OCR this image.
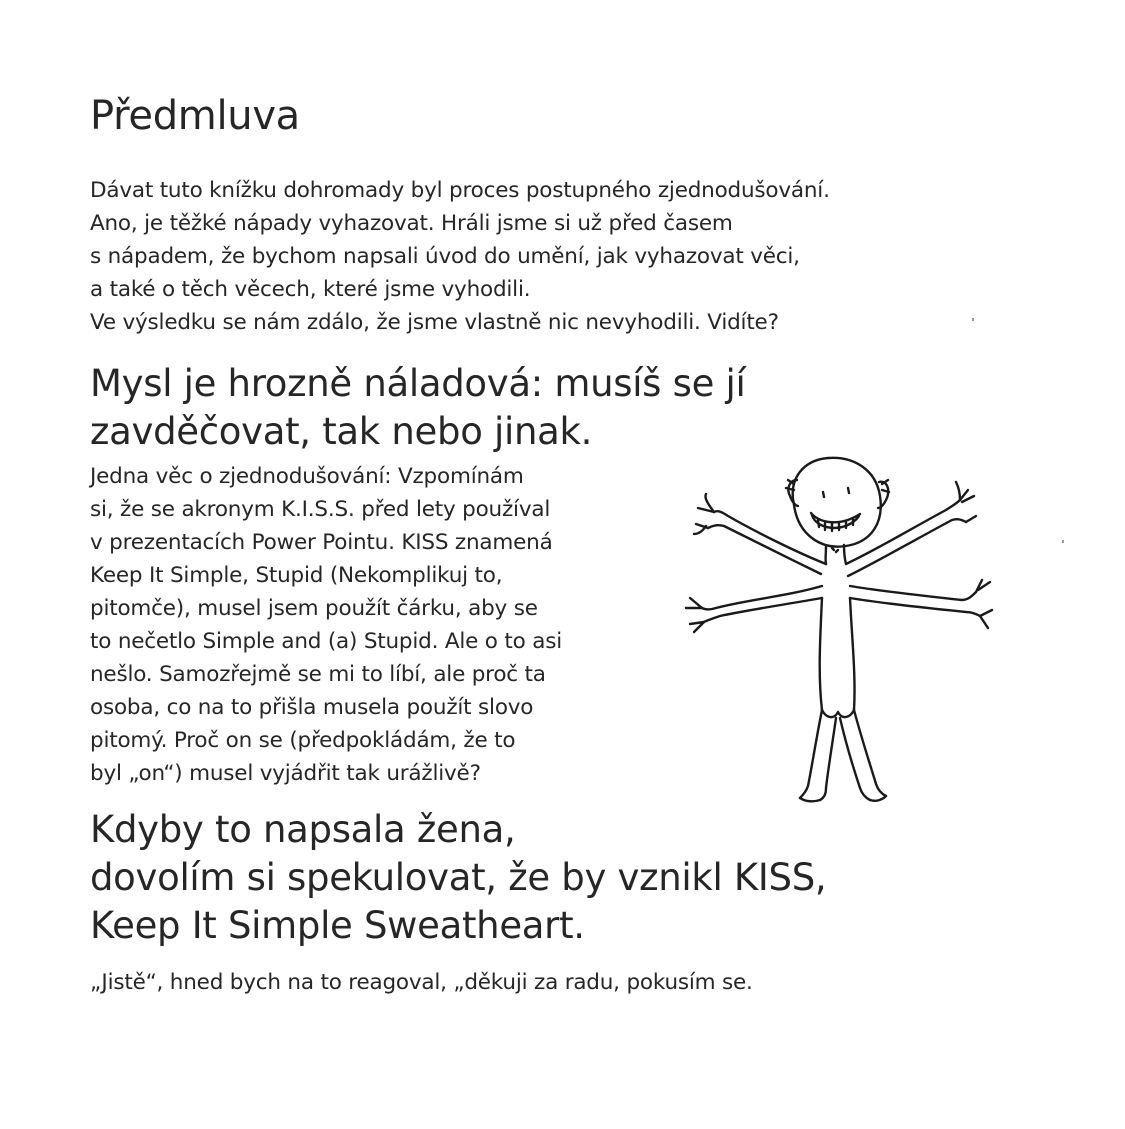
Předmluva

Dávat tuto knížku dohromady byl proces postupného zjednodušování.
Ano, je těžké nápady vyhazovat. Hráli jsme si už před časem
s nápadem, že bychom napsali úvod do umění, jak vyhazovat věci,
a také o těch věcech, které jsme vyhodili.
Ve výsledku se nám zdálo, že jsme vlastně nic nevyhodili. Vidíte?

Mysl je hrozně náladová: musíš se jí
zavděčovat, tak nebo jinak.

Jedna věc o zjednodušování: Vzpomínám
si, že se akronym K.I.S.S. před lety používal
v prezentacích Power Pointu. KISS znamená
Keep It Simple, Stupid (Nekomplikuj to,
pitomče), musel jsem použít čárku, aby se
to nečetlo Simple and (a) Stupid. Ale o to asi
nešlo. Samozřejmě se mi to líbí, ale proč ta
osoba, co na to přišla musela použít slovo
pitomý. Proč on se (předpokládám, že to
byl „on“) musel vyjádřit tak urážlivě?

Kdyby to napsala žena,
dovolím si spekulovat, že by vznikl KISS,
Keep It Simple Sweatheart.

„Jistě“, hned bych na to reagoval, „děkuji za radu, pokusím se.
